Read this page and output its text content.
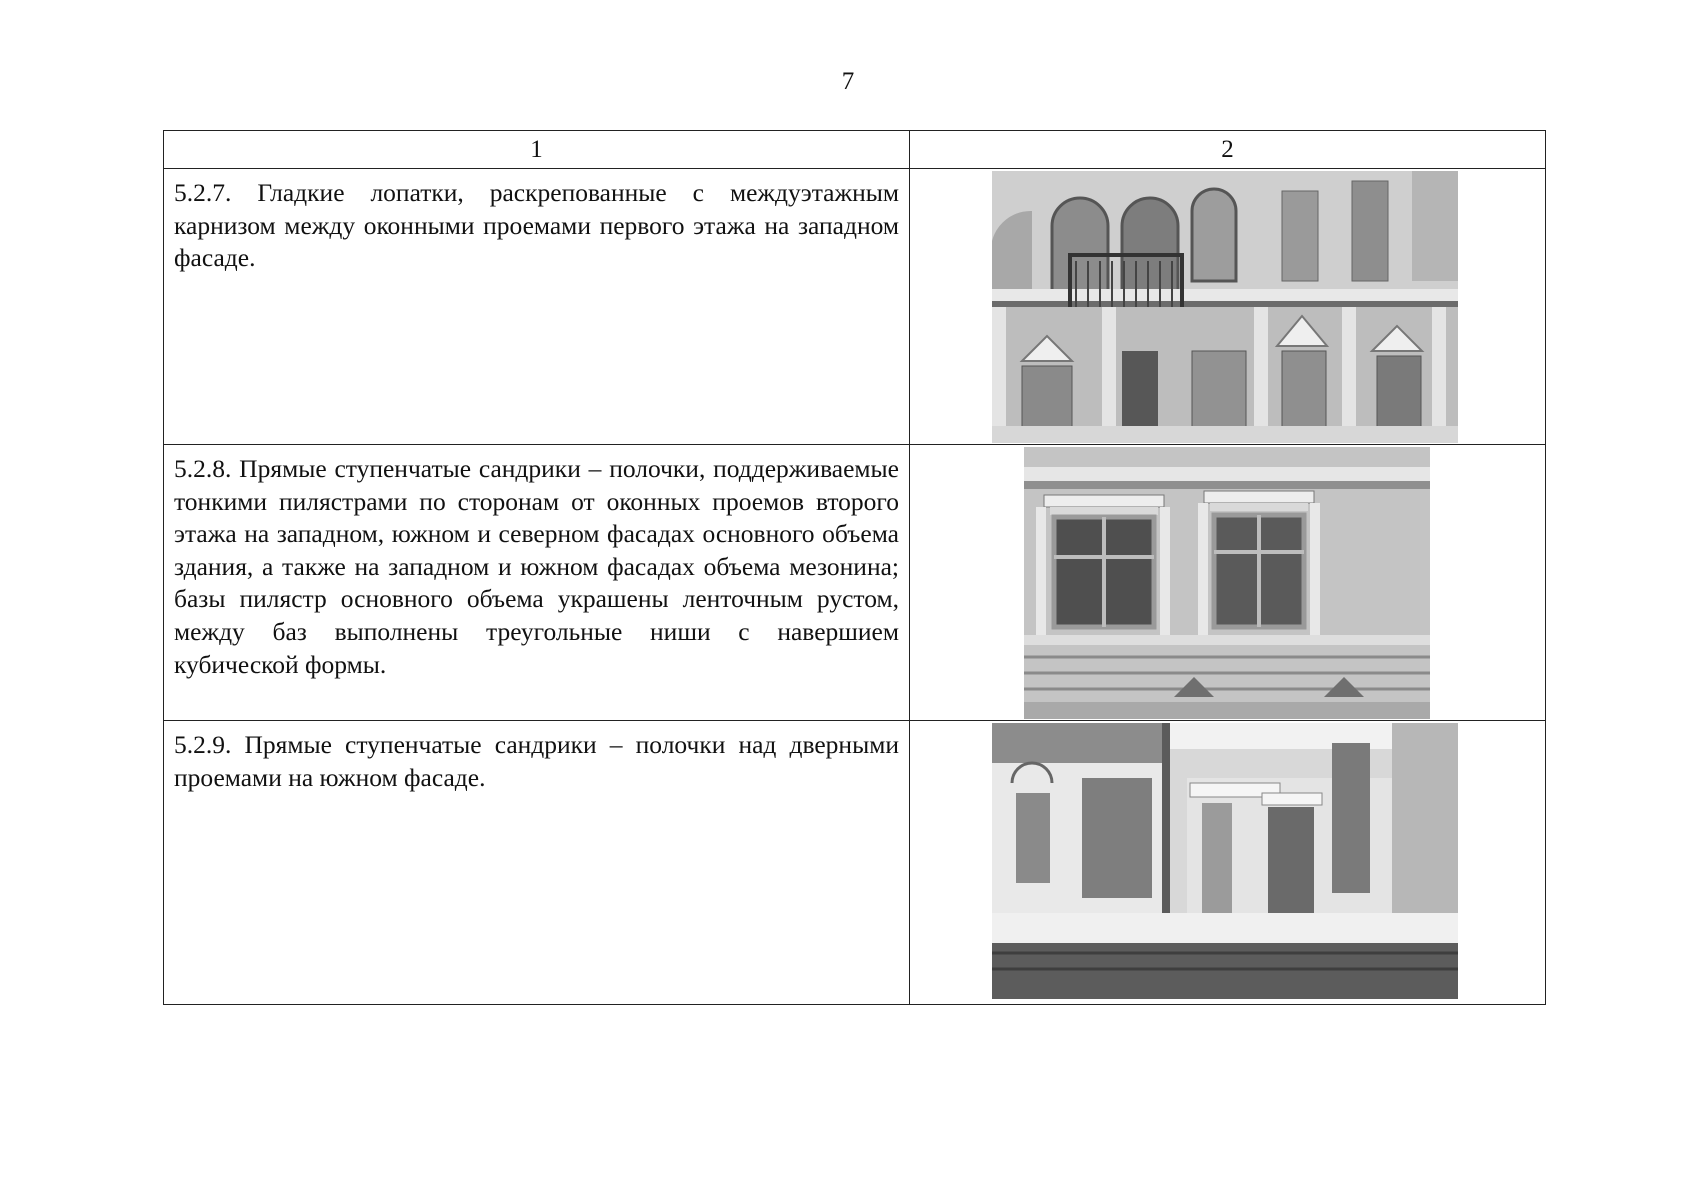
7
1	2
5.2.7. Гладкие лопатки, раскрепованные с междуэтажным карнизом между оконными проемами первого этажа на западном фасаде.
5.2.8. Прямые ступенчатые сандрики – полочки, поддерживаемые тонкими пилястрами по сторонам от оконных проемов второго этажа на западном, южном и северном фасадах основного объема здания, а также на западном и южном фасадах объема мезонина; базы пилястр основного объема украшены ленточным рустом, между баз выполнены треугольные ниши с навершием кубической формы.
5.2.9. Прямые ступенчатые сандрики – полочки над дверными проемами на южном фасаде.
